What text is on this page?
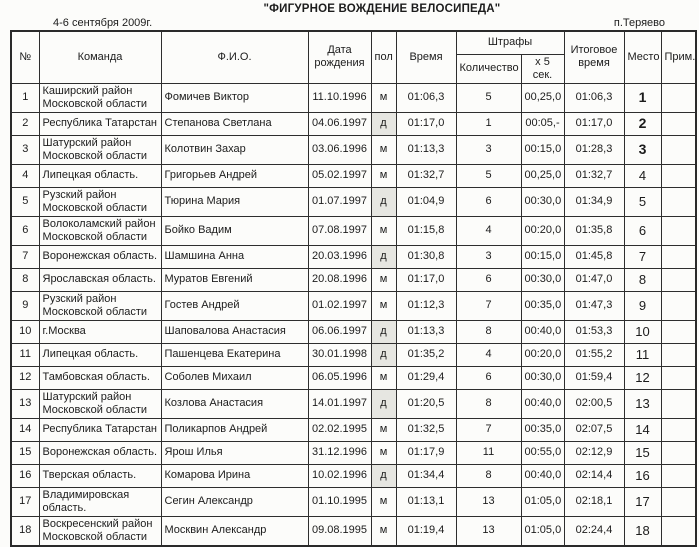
"ФИГУРНОЕ ВОЖДЕНИЕ ВЕЛОСИПЕДА"
4-6 сентября 2009г.	п.Теряево
№	Команда	Ф.И.О.	Дата рождения	пол	Время	Штрафы		Итоговое время	Место	Прим.
						Количество	х 5 сек.			
1	Каширский район Московской области	Фомичев Виктор	11.10.1996	м	01:06,3	5	00,25,0	01:06,3	1	
2	Республика Татарстан	Степанова Светлана	04.06.1997	д	01:17,0	1	00:05,-	01:17,0	2	
3	Шатурский район Московской области	Колотвин Захар	03.06.1996	м	01:13,3	3	00:15,0	01:28,3	3	
4	Липецкая область.	Григорьев Андрей	05.02.1997	м	01:32,7	5	00,25,0	01:32,7	4	
5	Рузский район Московской области	Тюрина Мария	01.07.1997	д	01:04,9	6	00:30,0	01:34,9	5	
6	Волоколамский район Московской области	Бойко Вадим	07.08.1997	м	01:15,8	4	00:20,0	01:35,8	6	
7	Воронежская область.	Шамшина Анна	20.03.1996	д	01:30,8	3	00:15,0	01:45,8	7	
8	Ярославская область.	Муратов Евгений	20.08.1996	м	01:17,0	6	00:30,0	01:47,0	8	
9	Рузский район Московской области	Гостев Андрей	01.02.1997	м	01:12,3	7	00:35,0	01:47,3	9	
10	г.Москва	Шаповалова Анастасия	06.06.1997	д	01:13,3	8	00:40,0	01:53,3	10	
11	Липецкая область.	Пашенцева Екатерина	30.01.1998	д	01:35,2	4	00:20,0	01:55,2	11	
12	Тамбовская область.	Соболев Михаил	06.05.1996	м	01:29,4	6	00:30,0	01:59,4	12	
13	Шатурский район Московской области	Козлова Анастасия	14.01.1997	д	01:20,5	8	00:40,0	02:00,5	13	
14	Республика Татарстан	Поликарпов Андрей	02.02.1995	м	01:32,5	7	00:35,0	02:07,5	14	
15	Воронежская область.	Ярош Илья	31.12.1996	м	01:17,9	11	00:55,0	02:12,9	15	
16	Тверская область.	Комарова Ирина	10.02.1996	д	01:34,4	8	00:40,0	02:14,4	16	
17	Владимировская область.	Сегин Александр	01.10.1995	м	01:13,1	13	01:05,0	02:18,1	17	
18	Воскресенский район Московской области	Москвин Александр	09.08.1995	м	01:19,4	13	01:05,0	02:24,4	18	
